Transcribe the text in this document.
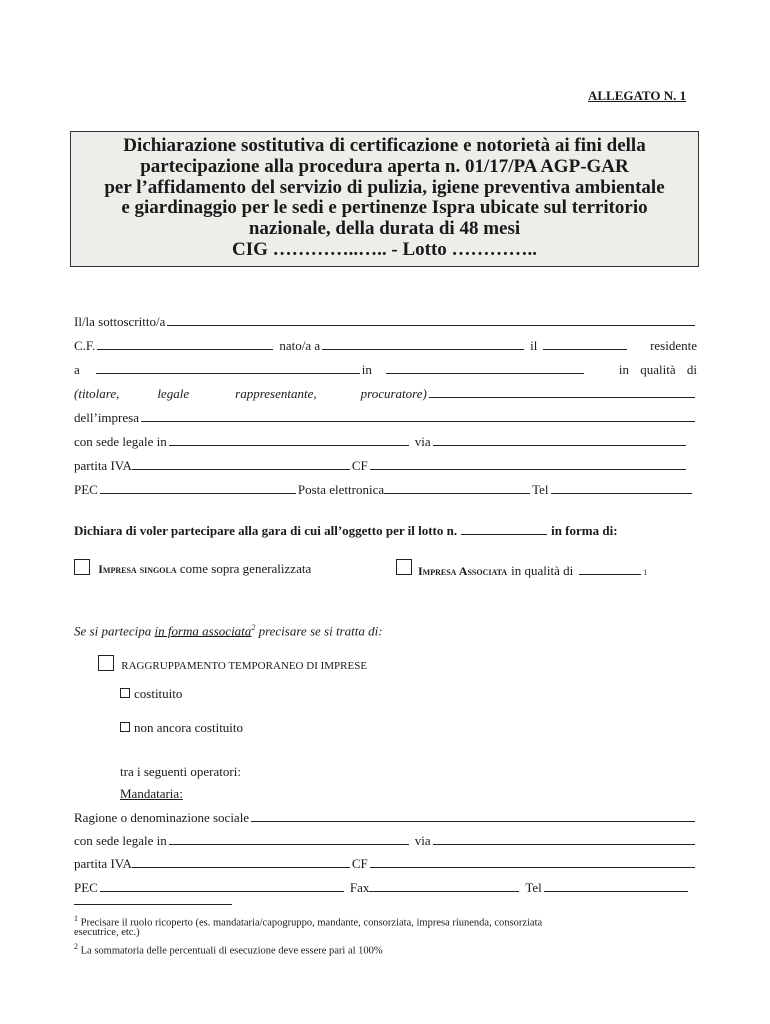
ALLEGATO N. 1
Dichiarazione sostitutiva di certificazione e notorietà ai fini della
partecipazione alla procedura aperta n. 01/17/PA AGP-GAR
per l’affidamento del servizio di pulizia, igiene preventiva ambientale
e giardinaggio per le sedi e pertinenze Ispra ubicate sul territorio
nazionale, della durata di 48 mesi
CIG …………..….. - Lotto …………..
Il/la sottoscritto/a
C.F.	nato/a a	il	residente
a	in	in qualità di
(titolare,	legale	rappresentante,	procuratore)
dell’impresa
con sede legale in	via
partita IVA	CF
PEC	Posta elettronica	Tel
Dichiara di voler partecipare alla gara di cui all’oggetto per il lotto n.	in forma di:
Impresa singola come sopra generalizzata	Impresa Associata in qualità di	1
Se si partecipa in forma associata$^2$ precisare se si tratta di:
RAGGRUPPAMENTO TEMPORANEO DI IMPRESE
costituito
non ancora costituito
tra i seguenti operatori:
Mandataria:
Ragione o denominazione sociale
con sede legale in	via
partita IVA	CF
PEC	Fax	Tel
$^1$ Precisare il ruolo ricoperto (es. mandataria/capogruppo, mandante, consorziata, impresa riunenda, consorziata
esecutrice, etc.)
$^2$ La sommatoria delle percentuali di esecuzione deve essere pari al 100%
